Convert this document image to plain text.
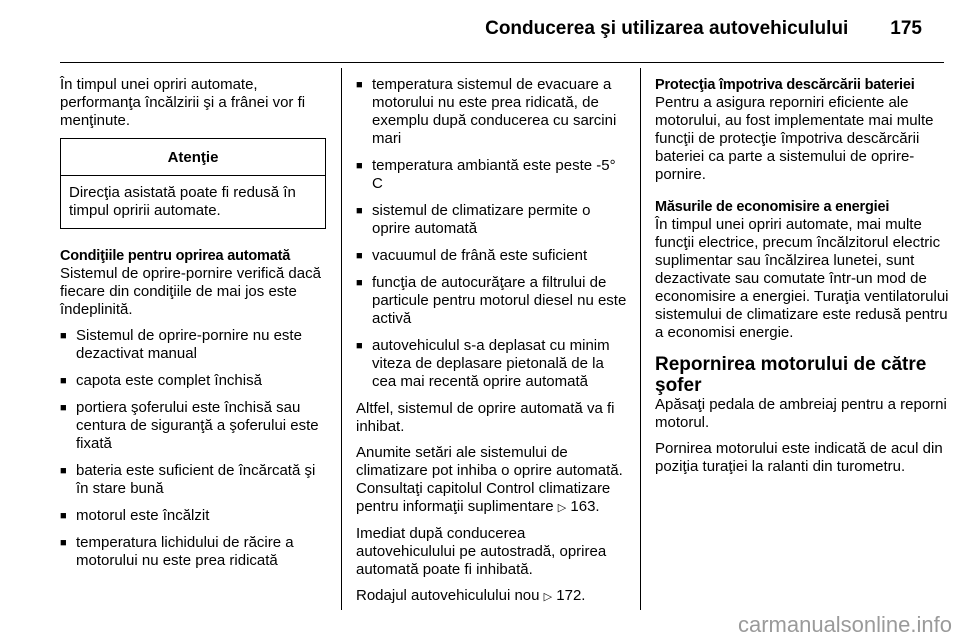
Conducerea şi utilizarea autovehiculului 175

În timpul unei opriri automate, performanţa încălzirii şi a frânei vor fi menţinute.

Atenţie
Direcţia asistată poate fi redusă în timpul opririi automate.
Condiţiile pentru oprirea automată

Sistemul de oprire-pornire verifică dacă fiecare din condiţiile de mai jos este îndeplinită.

■ Sistemul de oprire-pornire nu este dezactivat manual
■ capota este complet închisă
■ portiera şoferului este închisă sau centura de siguranţă a şoferului este fixată
■ bateria este suficient de încărcată şi în stare bună
■ motorul este încălzit
■ temperatura lichidului de răcire a motorului nu este prea ridicată
■ temperatura sistemul de evacuare a motorului nu este prea ridicată, de exemplu după conducerea cu sarcini mari
■ temperatura ambiantă este peste -5° C
■ sistemul de climatizare permite o oprire automată
■ vacuumul de frână este suficient
■ funcţia de autocurăţare a filtrului de particule pentru motorul diesel nu este activă
■ autovehiculul s-a deplasat cu minim viteza de deplasare pietonală de la cea mai recentă oprire automată

Altfel, sistemul de oprire automată va fi inhibat.

Anumite setări ale sistemului de climatizare pot inhiba o oprire automată. Consultaţi capitolul Control climatizare pentru informaţii suplimentare ▷ 163.

Imediat după conducerea autovehiculului pe autostradă, oprirea automată poate fi inhibată.

Rodajul autovehiculului nou ▷ 172.

Protecţia împotriva descărcării bateriei

Pentru a asigura reporniri eficiente ale motorului, au fost implementate mai multe funcţii de protecţie împotriva descărcării bateriei ca parte a sistemului de oprire-pornire.

Măsurile de economisire a energiei

În timpul unei opriri automate, mai multe funcţii electrice, precum încălzitorul electric suplimentar sau încălzirea lunetei, sunt dezactivate sau comutate într-un mod de economisire a energiei. Turaţia ventilatorului sistemului de climatizare este redusă pentru a economisi energie.

Repornirea motorului de către şofer

Apăsaţi pedala de ambreiaj pentru a reporni motorul.

Pornirea motorului este indicată de acul din poziţia turaţiei la ralanti din turometru.

carmanualsonline.info
